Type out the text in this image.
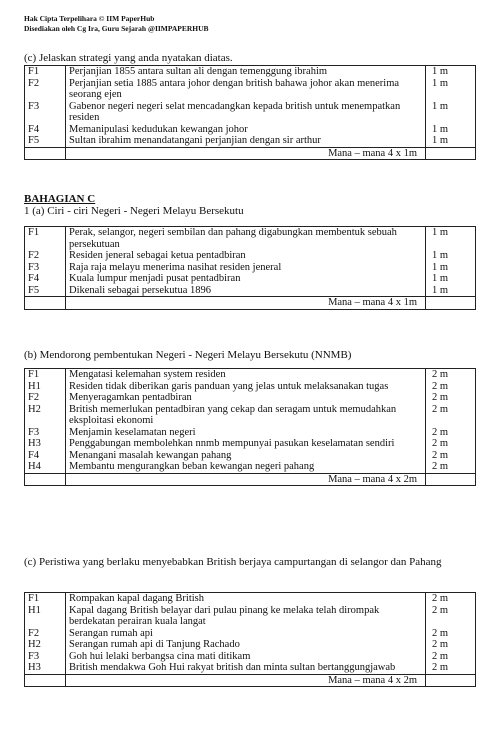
Hak Cipta Terpelihara © IIM PaperHub
Disediakan oleh Cg Ira, Guru Sejarah @IIMPAPERHUB
(c) Jelaskan strategi yang anda nyatakan diatas.
F1	Perjanjian 1855 antara sultan ali dengan temenggung ibrahim	1 m
F2	Perjanjian setia 1885 antara johor dengan british bahawa johor akan menerima seorang ejen	1 m
F3	Gabenor negeri negeri selat mencadangkan kepada british untuk menempatkan residen	1 m
F4	Memanipulasi kedudukan kewangan johor	1 m
F5	Sultan ibrahim menandatangani perjanjian dengan sir arthur	1 m
	Mana – mana 4 x 1m	
BAHAGIAN C
1 (a) Ciri - ciri Negeri - Negeri Melayu Bersekutu
F1	Perak, selangor, negeri sembilan dan pahang digabungkan membentuk sebuah persekutuan	1 m
F2	Residen jeneral sebagai ketua pentadbiran	1 m
F3	Raja raja melayu menerima nasihat residen jeneral	1 m
F4	Kuala lumpur menjadi pusat pentadbiran	1 m
F5	Dikenali sebagai persekutua 1896	1 m
	Mana – mana 4 x 1m	
(b) Mendorong pembentukan Negeri - Negeri Melayu Bersekutu (NNMB)
F1	Mengatasi kelemahan system residen	2 m
H1	Residen tidak diberikan garis panduan yang jelas untuk melaksanakan tugas	2 m
F2	Menyeragamkan pentadbiran	2 m
H2	British memerlukan pentadbiran yang cekap dan seragam untuk memudahkan eksploitasi ekonomi	2 m
F3	Menjamin keselamatan negeri	2 m
H3	Penggabungan membolehkan nnmb mempunyai pasukan keselamatan sendiri	2 m
F4	Menangani masalah kewangan pahang	2 m
H4	Membantu mengurangkan beban kewangan negeri pahang	2 m
	Mana – mana 4 x 2m	
(c) Peristiwa yang berlaku menyebabkan British berjaya campurtangan di selangor dan Pahang
F1	Rompakan kapal dagang British	2 m
H1	Kapal dagang British belayar dari pulau pinang ke melaka telah dirompak berdekatan perairan kuala langat	2 m
F2	Serangan rumah api	2 m
H2	Serangan rumah api di Tanjung Rachado	2 m
F3	Goh hui lelaki berbangsa cina mati ditikam	2 m
H3	British mendakwa Goh Hui rakyat british dan minta sultan bertanggungjawab	2 m
	Mana – mana 4 x 2m	
